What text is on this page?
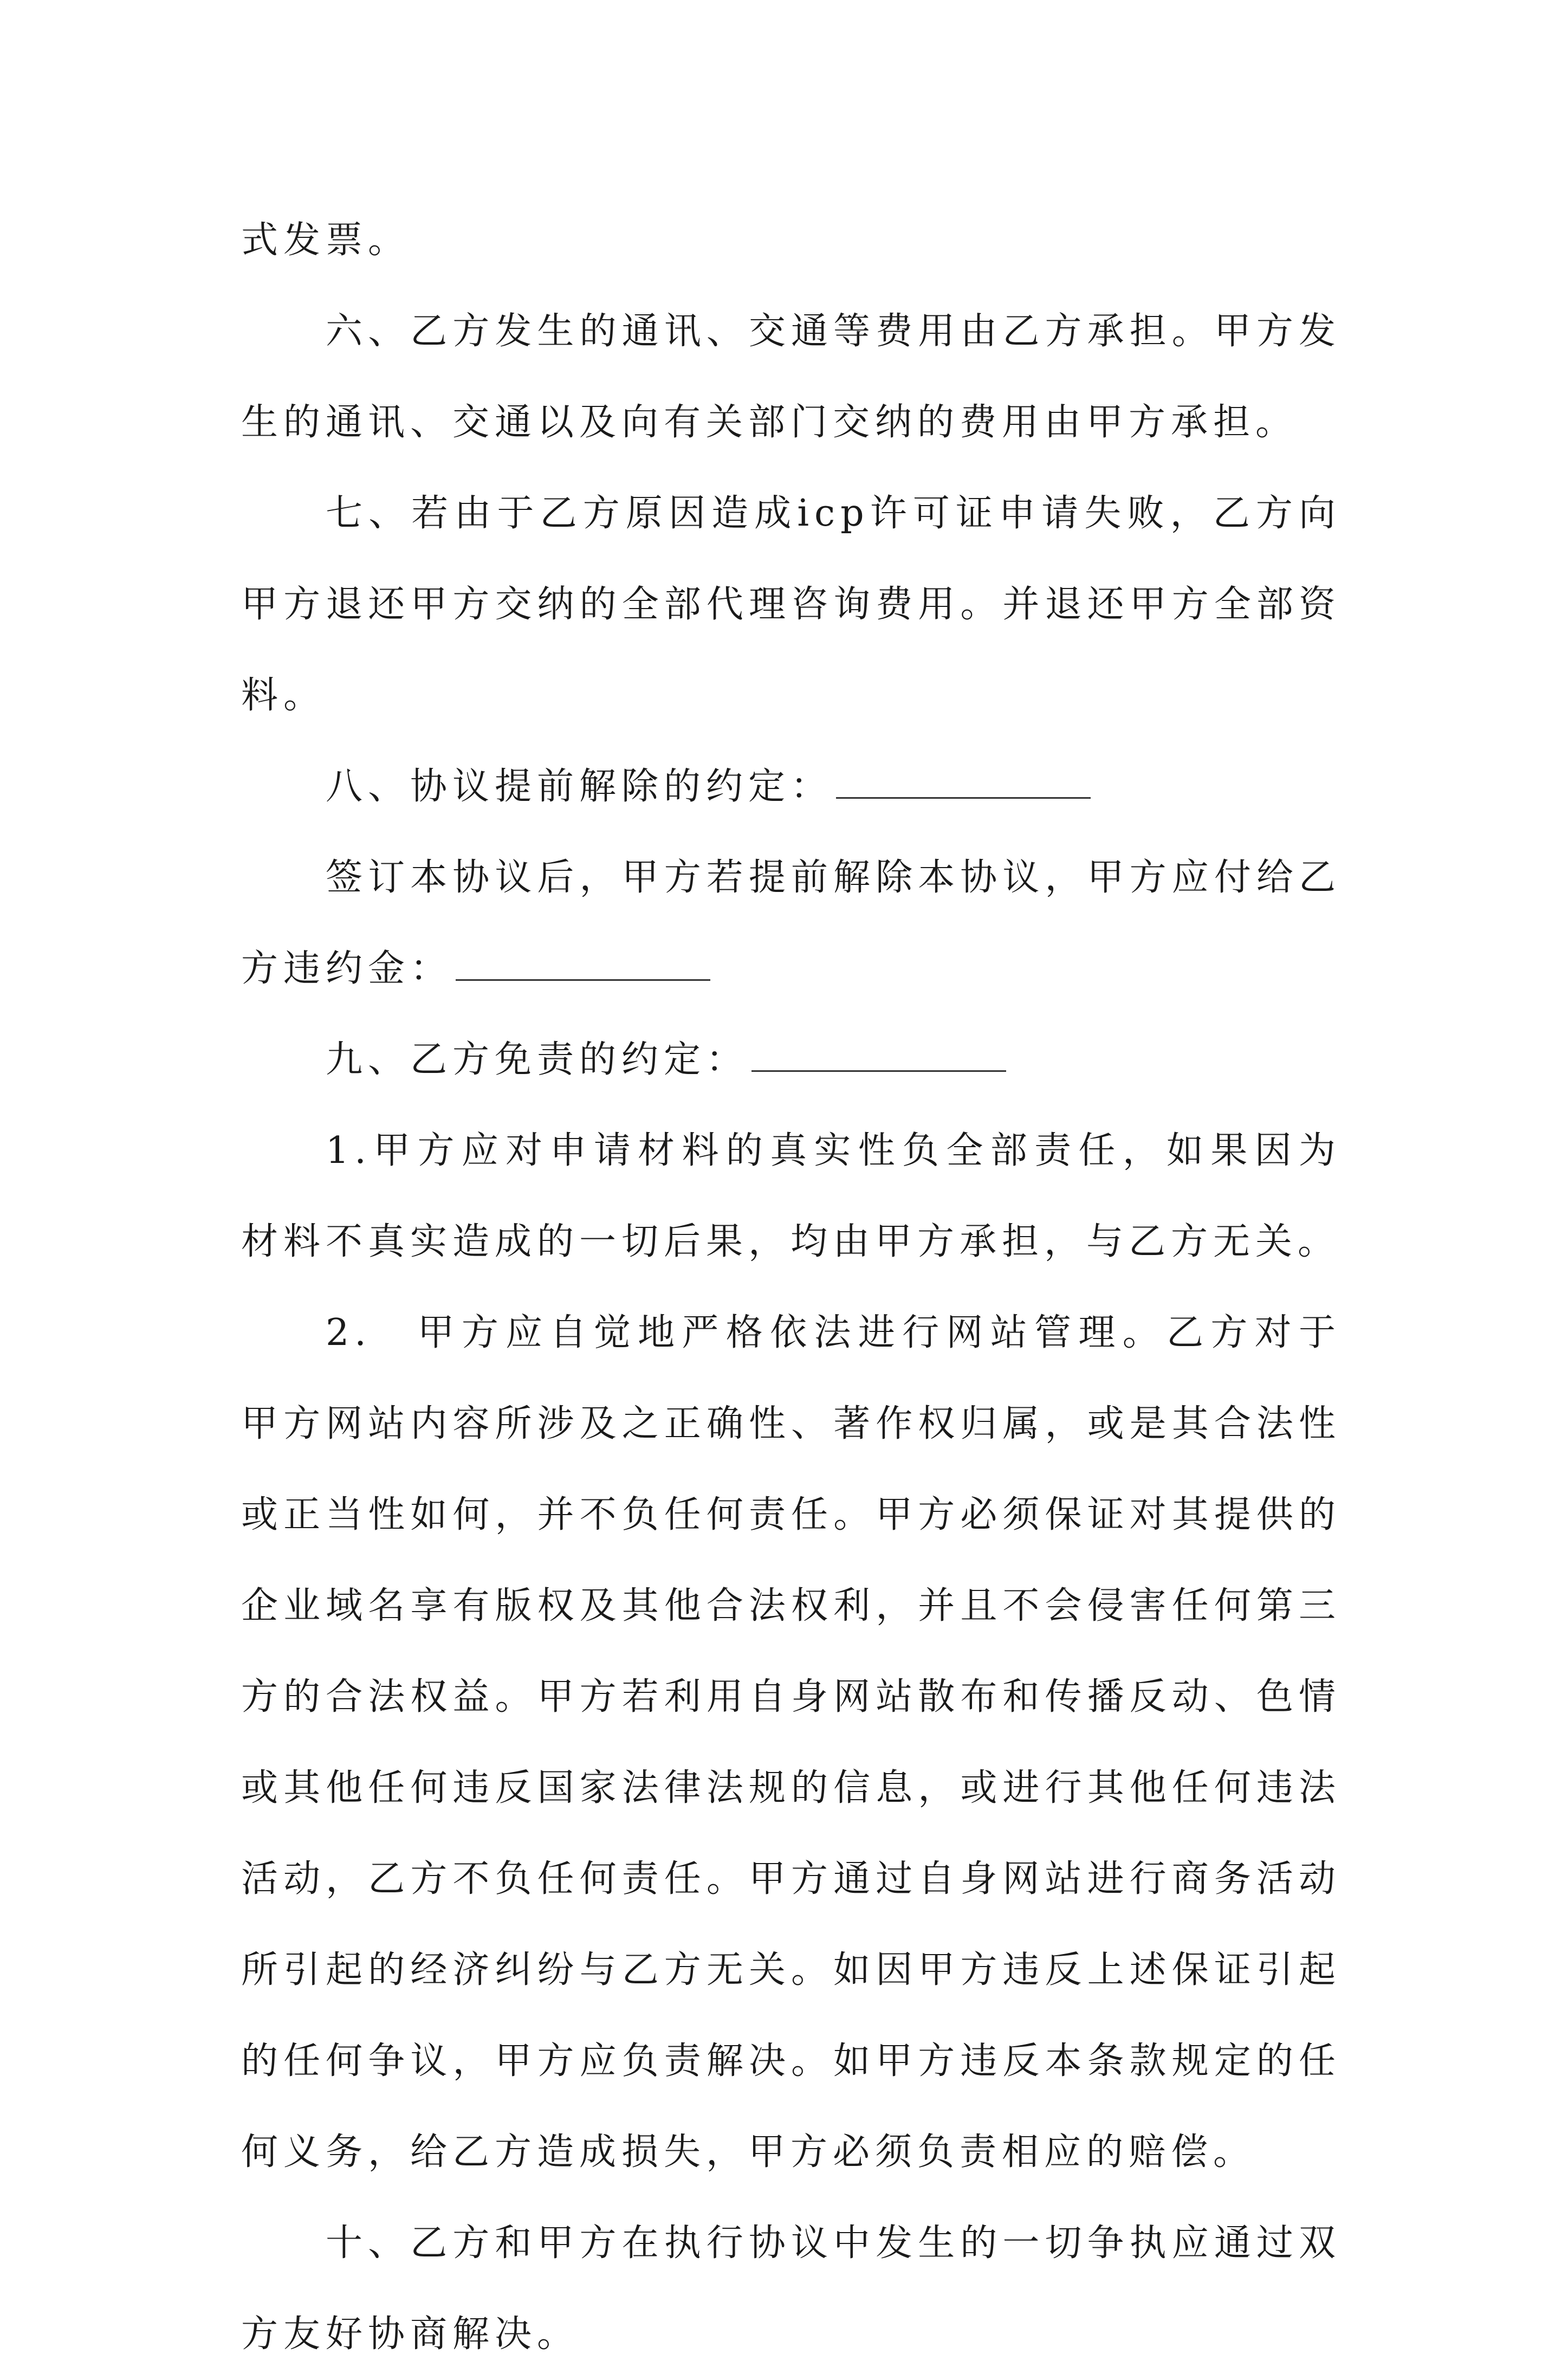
式发票。

六、乙方发生的通讯、交通等费用由乙方承担。甲方发生的通讯、交通以及向有关部门交纳的费用由甲方承担。

七、若由于乙方原因造成icp许可证申请失败，乙方向甲方退还甲方交纳的全部代理咨询费用。并退还甲方全部资料。

八、协议提前解除的约定：

签订本协议后，甲方若提前解除本协议，甲方应付给乙方违约金：

九、乙方免责的约定：

1.甲方应对申请材料的真实性负全部责任，如果因为材料不真实造成的一切后果，均由甲方承担，与乙方无关。

2.　甲方应自觉地严格依法进行网站管理。乙方对于甲方网站内容所涉及之正确性、著作权归属，或是其合法性或正当性如何，并不负任何责任。甲方必须保证对其提供的企业域名享有版权及其他合法权利，并且不会侵害任何第三方的合法权益。甲方若利用自身网站散布和传播反动、色情或其他任何违反国家法律法规的信息，或进行其他任何违法活动，乙方不负任何责任。甲方通过自身网站进行商务活动所引起的经济纠纷与乙方无关。如因甲方违反上述保证引起的任何争议，甲方应负责解决。如甲方违反本条款规定的任何义务，给乙方造成损失，甲方必须负责相应的赔偿。

十、乙方和甲方在执行协议中发生的一切争执应通过双方友好协商解决。
